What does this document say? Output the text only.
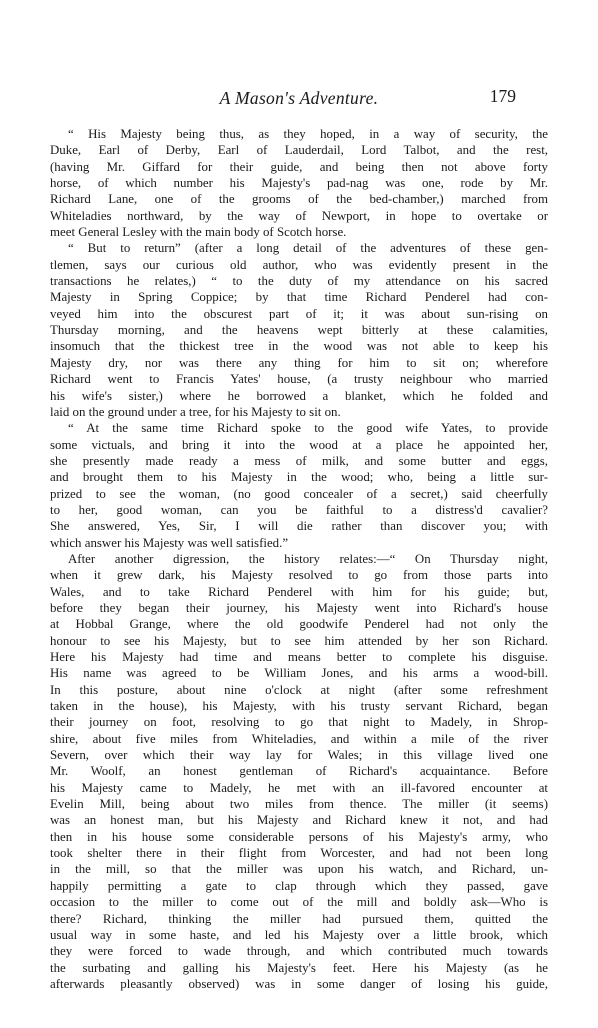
A Mason's Adventure.	179
“ His Majesty being thus, as they hoped, in a way of security, the
Duke, Earl of Derby, Earl of Lauderdail, Lord Talbot, and the rest,
(having Mr. Giffard for their guide, and being then not above forty
horse, of which number his Majesty's pad-nag was one, rode by Mr.
Richard Lane, one of the grooms of the bed-chamber,) marched from
Whiteladies northward, by the way of Newport, in hope to overtake or
meet General Lesley with the main body of Scotch horse.
“ But to return” (after a long detail of the adventures of these gen-
tlemen, says our curious old author, who was evidently present in the
transactions he relates,) “ to the duty of my attendance on his sacred
Majesty in Spring Coppice; by that time Richard Penderel had con-
veyed him into the obscurest part of it; it was about sun-rising on
Thursday morning, and the heavens wept bitterly at these calamities,
insomuch that the thickest tree in the wood was not able to keep his
Majesty dry, nor was there any thing for him to sit on; wherefore
Richard went to Francis Yates' house, (a trusty neighbour who married
his wife's sister,) where he borrowed a blanket, which he folded and
laid on the ground under a tree, for his Majesty to sit on.
“ At the same time Richard spoke to the good wife Yates, to provide
some victuals, and bring it into the wood at a place he appointed her,
she presently made ready a mess of milk, and some butter and eggs,
and brought them to his Majesty in the wood; who, being a little sur-
prized to see the woman, (no good concealer of a secret,) said cheerfully
to her, good woman, can you be faithful to a distress'd cavalier?
She answered, Yes, Sir, I will die rather than discover you; with
which answer his Majesty was well satisfied.”
After another digression, the history relates:—“ On Thursday night,
when it grew dark, his Majesty resolved to go from those parts into
Wales, and to take Richard Penderel with him for his guide; but,
before they began their journey, his Majesty went into Richard's house
at Hobbal Grange, where the old goodwife Penderel had not only the
honour to see his Majesty, but to see him attended by her son Richard.
Here his Majesty had time and means better to complete his disguise.
His name was agreed to be William Jones, and his arms a wood-bill.
In this posture, about nine o'clock at night (after some refreshment
taken in the house), his Majesty, with his trusty servant Richard, began
their journey on foot, resolving to go that night to Madely, in Shrop-
shire, about five miles from Whiteladies, and within a mile of the river
Severn, over which their way lay for Wales; in this village lived one
Mr. Woolf, an honest gentleman of Richard's acquaintance. Before
his Majesty came to Madely, he met with an ill-favored encounter at
Evelin Mill, being about two miles from thence. The miller (it seems)
was an honest man, but his Majesty and Richard knew it not, and had
then in his house some considerable persons of his Majesty's army, who
took shelter there in their flight from Worcester, and had not been long
in the mill, so that the miller was upon his watch, and Richard, un-
happily permitting a gate to clap through which they passed, gave
occasion to the miller to come out of the mill and boldly ask—Who is
there? Richard, thinking the miller had pursued them, quitted the
usual way in some haste, and led his Majesty over a little brook, which
they were forced to wade through, and which contributed much towards
the surbating and galling his Majesty's feet. Here his Majesty (as he
afterwards pleasantly observed) was in some danger of losing his guide,
